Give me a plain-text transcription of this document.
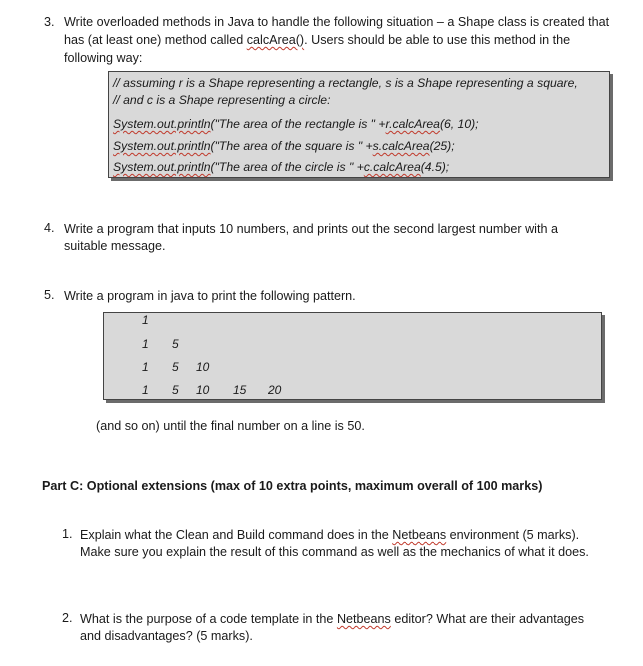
3. Write overloaded methods in Java to handle the following situation – a Shape class is created that
has (at least one) method called calcArea(). Users should be able to use this method in the
following way:
// assuming r is a Shape representing a rectangle, s is a Shape representing a square,
// and c is a Shape representing a circle:
System.out.println("The area of the rectangle is " +r.calcArea(6, 10);
System.out.println("The area of the square is " +s.calcArea(25);
System.out.println("The area of the circle is " +c.calcArea(4.5);
4. Write a program that inputs 10 numbers, and prints out the second largest number with a
suitable message.
5. Write a program in java to print the following pattern.
1
1 5
1 5 10
1 5 10 15 20
(and so on) until the final number on a line is 50.
Part C: Optional extensions (max of 10 extra points, maximum overall of 100 marks)
1. Explain what the Clean and Build command does in the Netbeans environment (5 marks).
Make sure you explain the result of this command as well as the mechanics of what it does.
2. What is the purpose of a code template in the Netbeans editor? What are their advantages
and disadvantages? (5 marks).
